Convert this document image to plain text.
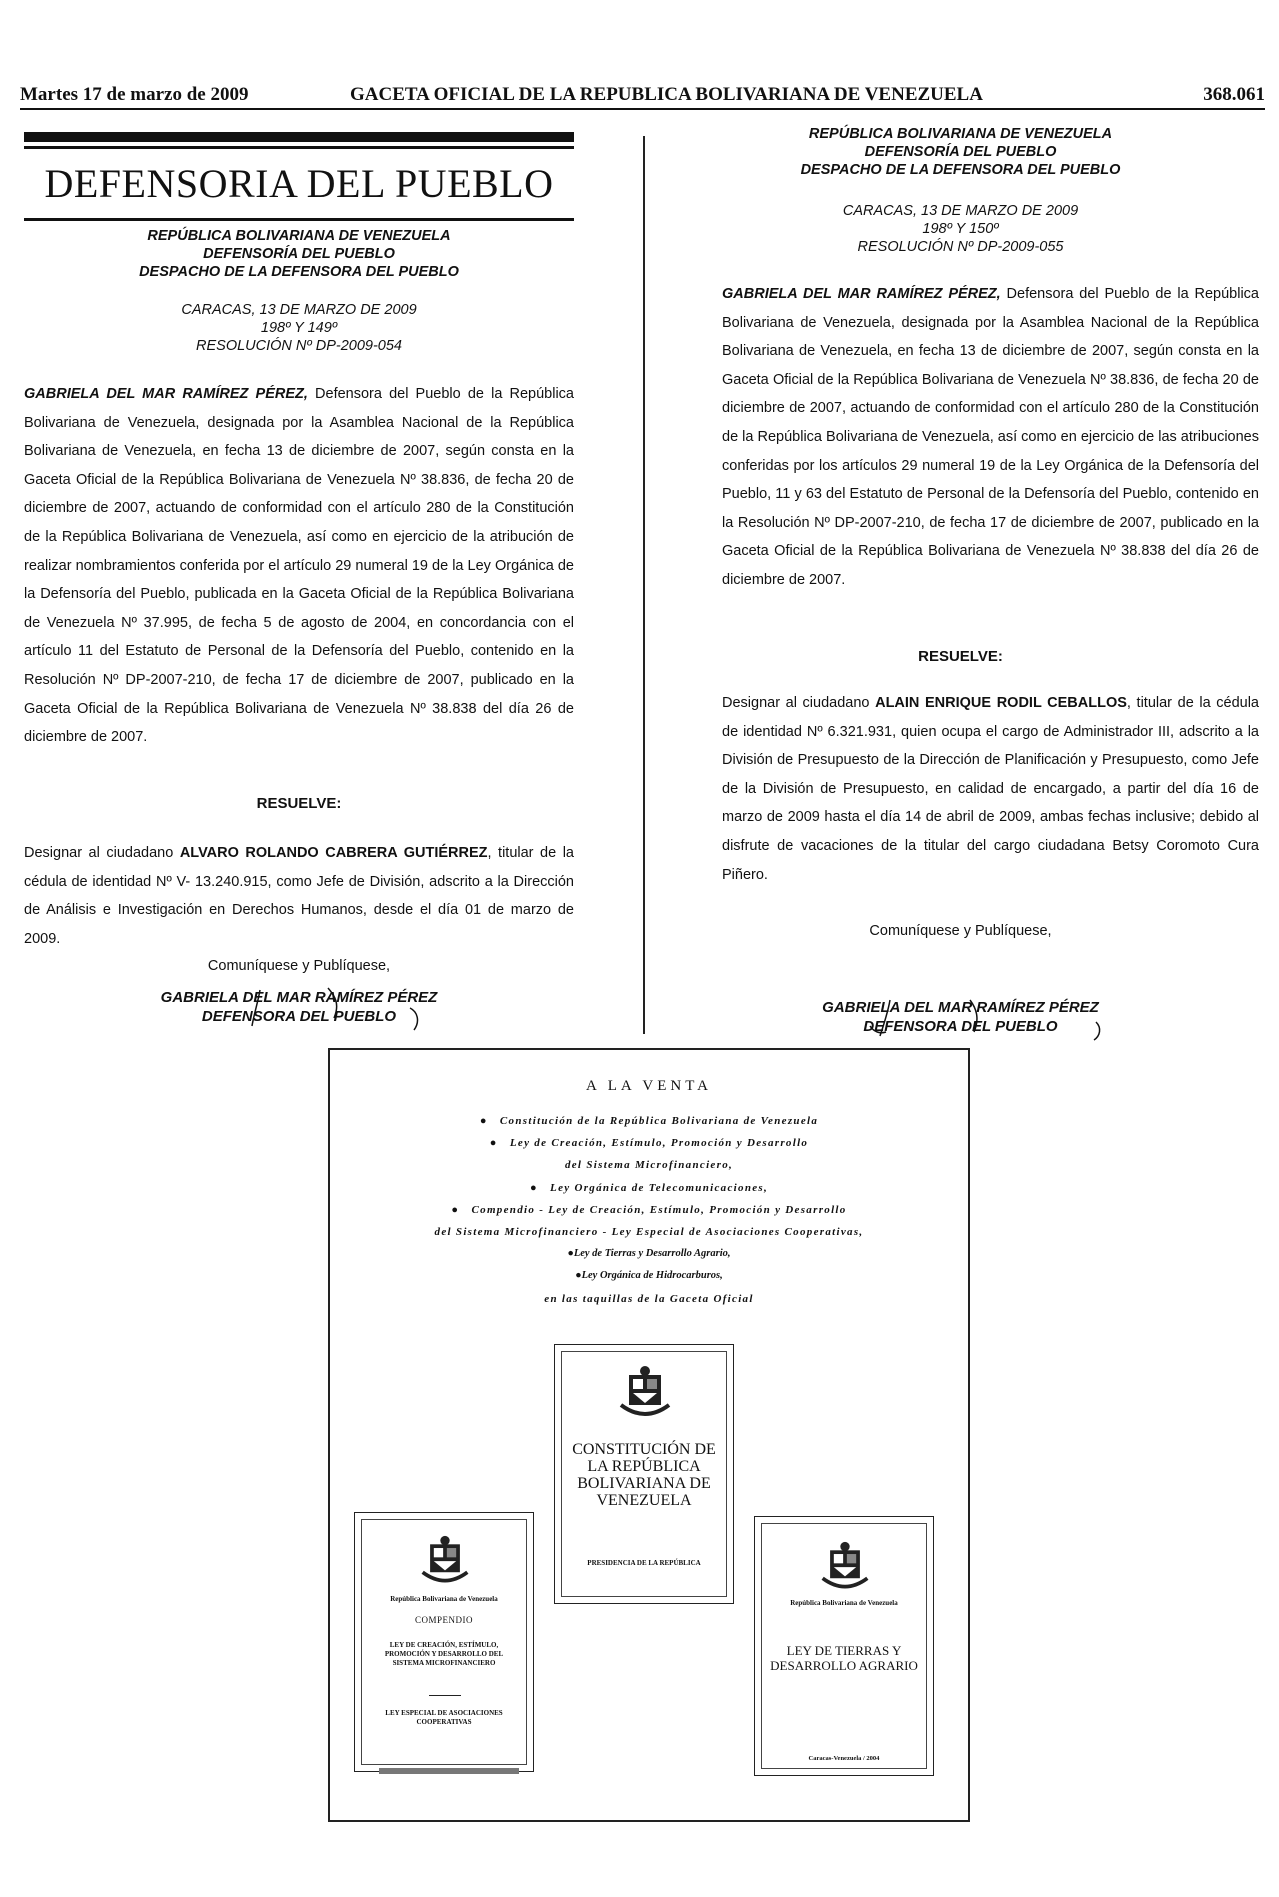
Martes 17 de marzo de 2009	GACETA OFICIAL DE LA REPUBLICA BOLIVARIANA DE VENEZUELA	368.061
DEFENSORIA DEL PUEBLO
REPÚBLICA BOLIVARIANA DE VENEZUELA
DEFENSORÍA DEL PUEBLO
DESPACHO DE LA DEFENSORA DEL PUEBLO
CARACAS, 13 DE MARZO DE 2009
198º Y 149º
RESOLUCIÓN Nº DP-2009-054

GABRIELA DEL MAR RAMÍREZ PÉREZ, Defensora del Pueblo de la República Bolivariana de Venezuela, designada por la Asamblea Nacional de la República Bolivariana de Venezuela, en fecha 13 de diciembre de 2007, según consta en la Gaceta Oficial de la República Bolivariana de Venezuela Nº 38.836, de fecha 20 de diciembre de 2007, actuando de conformidad con el artículo 280 de la Constitución de la República Bolivariana de Venezuela, así como en ejercicio de la atribución de realizar nombramientos conferida por el artículo 29 numeral 19 de la Ley Orgánica de la Defensoría del Pueblo, publicada en la Gaceta Oficial de la República Bolivariana de Venezuela Nº 37.995, de fecha 5 de agosto de 2004, en concordancia con el artículo 11 del Estatuto de Personal de la Defensoría del Pueblo, contenido en la Resolución Nº DP-2007-210, de fecha 17 de diciembre de 2007, publicado en la Gaceta Oficial de la República Bolivariana de Venezuela Nº 38.838 del día 26 de diciembre de 2007.

RESUELVE:

Designar al ciudadano ALVARO ROLANDO CABRERA GUTIÉRREZ, titular de la cédula de identidad Nº V- 13.240.915, como Jefe de División, adscrito a la Dirección de Análisis e Investigación en Derechos Humanos, desde el día 01 de marzo de 2009.

Comuníquese y Publíquese,
GABRIELA DEL MAR RAMÍREZ PÉREZ
DEFENSORA DEL PUEBLO
REPÚBLICA BOLIVARIANA DE VENEZUELA
DEFENSORÍA DEL PUEBLO
DESPACHO DE LA DEFENSORA DEL PUEBLO
CARACAS, 13 DE MARZO DE 2009
198º Y 150º
RESOLUCIÓN Nº DP-2009-055

GABRIELA DEL MAR RAMÍREZ PÉREZ, Defensora del Pueblo de la República Bolivariana de Venezuela, designada por la Asamblea Nacional de la República Bolivariana de Venezuela, en fecha 13 de diciembre de 2007, según consta en la Gaceta Oficial de la República Bolivariana de Venezuela Nº 38.836, de fecha 20 de diciembre de 2007, actuando de conformidad con el artículo 280 de la Constitución de la República Bolivariana de Venezuela, así como en ejercicio de las atribuciones conferidas por los artículos 29 numeral 19 de la Ley Orgánica de la Defensoría del Pueblo, 11 y 63 del Estatuto de Personal de la Defensoría del Pueblo, contenido en la Resolución Nº DP-2007-210, de fecha 17 de diciembre de 2007, publicado en la Gaceta Oficial de la República Bolivariana de Venezuela Nº 38.838 del día 26 de diciembre de 2007.

RESUELVE:

Designar al ciudadano ALAIN ENRIQUE RODIL CEBALLOS, titular de la cédula de identidad Nº 6.321.931, quien ocupa el cargo de Administrador III, adscrito a la División de Presupuesto de la Dirección de Planificación y Presupuesto, como Jefe de la División de Presupuesto, en calidad de encargado, a partir del día 16 de marzo de 2009 hasta el día 14 de abril de 2009, ambas fechas inclusive; debido al disfrute de vacaciones de la titular del cargo ciudadana Betsy Coromoto Cura Piñero.

Comuníquese y Publíquese,
GABRIELA DEL MAR RAMÍREZ PÉREZ
DEFENSORA DEL PUEBLO
A LA VENTA
● Constitución de la República Bolivariana de Venezuela
● Ley de Creación, Estímulo, Promoción y Desarrollo
del Sistema Microfinanciero,
● Ley Orgánica de Telecomunicaciones,
● Compendio - Ley de Creación, Estímulo, Promoción y Desarrollo
del Sistema Microfinanciero - Ley Especial de Asociaciones Cooperativas,
●Ley de Tierras y Desarrollo Agrario,
●Ley Orgánica de Hidrocarburos,
en las taquillas de la Gaceta Oficial
CONSTITUCIÓN DE LA REPÚBLICA BOLIVARIANA DE VENEZUELA
PRESIDENCIA DE LA REPÚBLICA
República Bolivariana de Venezuela
COMPENDIO
LEY DE CREACIÓN, ESTÍMULO, PROMOCIÓN Y DESARROLLO DEL SISTEMA MICROFINANCIERO
LEY ESPECIAL DE ASOCIACIONES COOPERATIVAS
República Bolivariana de Venezuela
LEY DE TIERRAS Y DESARROLLO AGRARIO
Caracas-Venezuela / 2004
